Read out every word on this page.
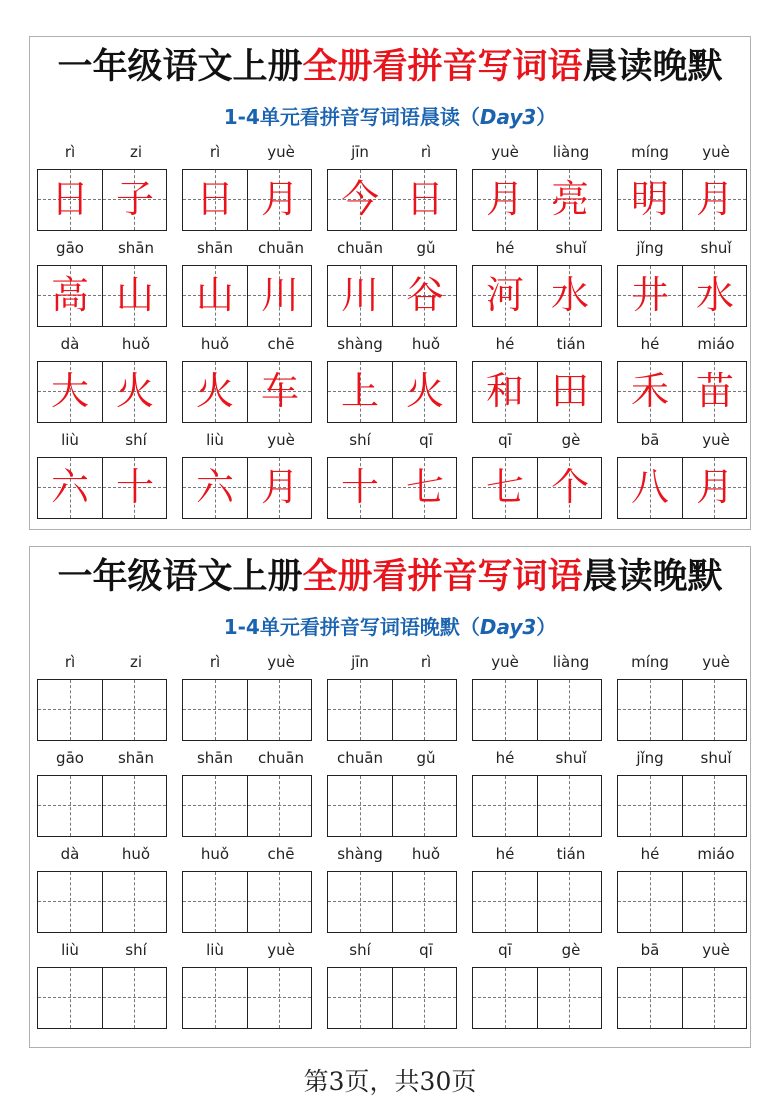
一年级语文上册全册看拼音写词语晨读晚默
1-4单元看拼音写词语晨读（Day3）
rì	zi
日 子
rì	yuè
日 月
jīn	rì
今 日
yuè	liàng
月 亮
míng	yuè
明 月
gāo	shān
高 山
shān	chuān
山 川
chuān	gǔ
川 谷
hé	shuǐ
河 水
jǐng	shuǐ
井 水
dà	huǒ
大 火
huǒ	chē
火 车
shàng	huǒ
上 火
hé	tián
和 田
hé	miáo
禾 苗
liù	shí
六 十
liù	yuè
六 月
shí	qī
十 七
qī	gè
七 个
bā	yuè
八 月
一年级语文上册全册看拼音写词语晨读晚默
1-4单元看拼音写词语晚默（Day3）
rì	zi	rì	yuè	jīn	rì	yuè	liàng	míng	yuè
gāo	shān	shān	chuān	chuān	gǔ	hé	shuǐ	jǐng	shuǐ
dà	huǒ	huǒ	chē	shàng	huǒ	hé	tián	hé	miáo
liù	shí	liù	yuè	shí	qī	qī	gè	bā	yuè
第3页，共30页
